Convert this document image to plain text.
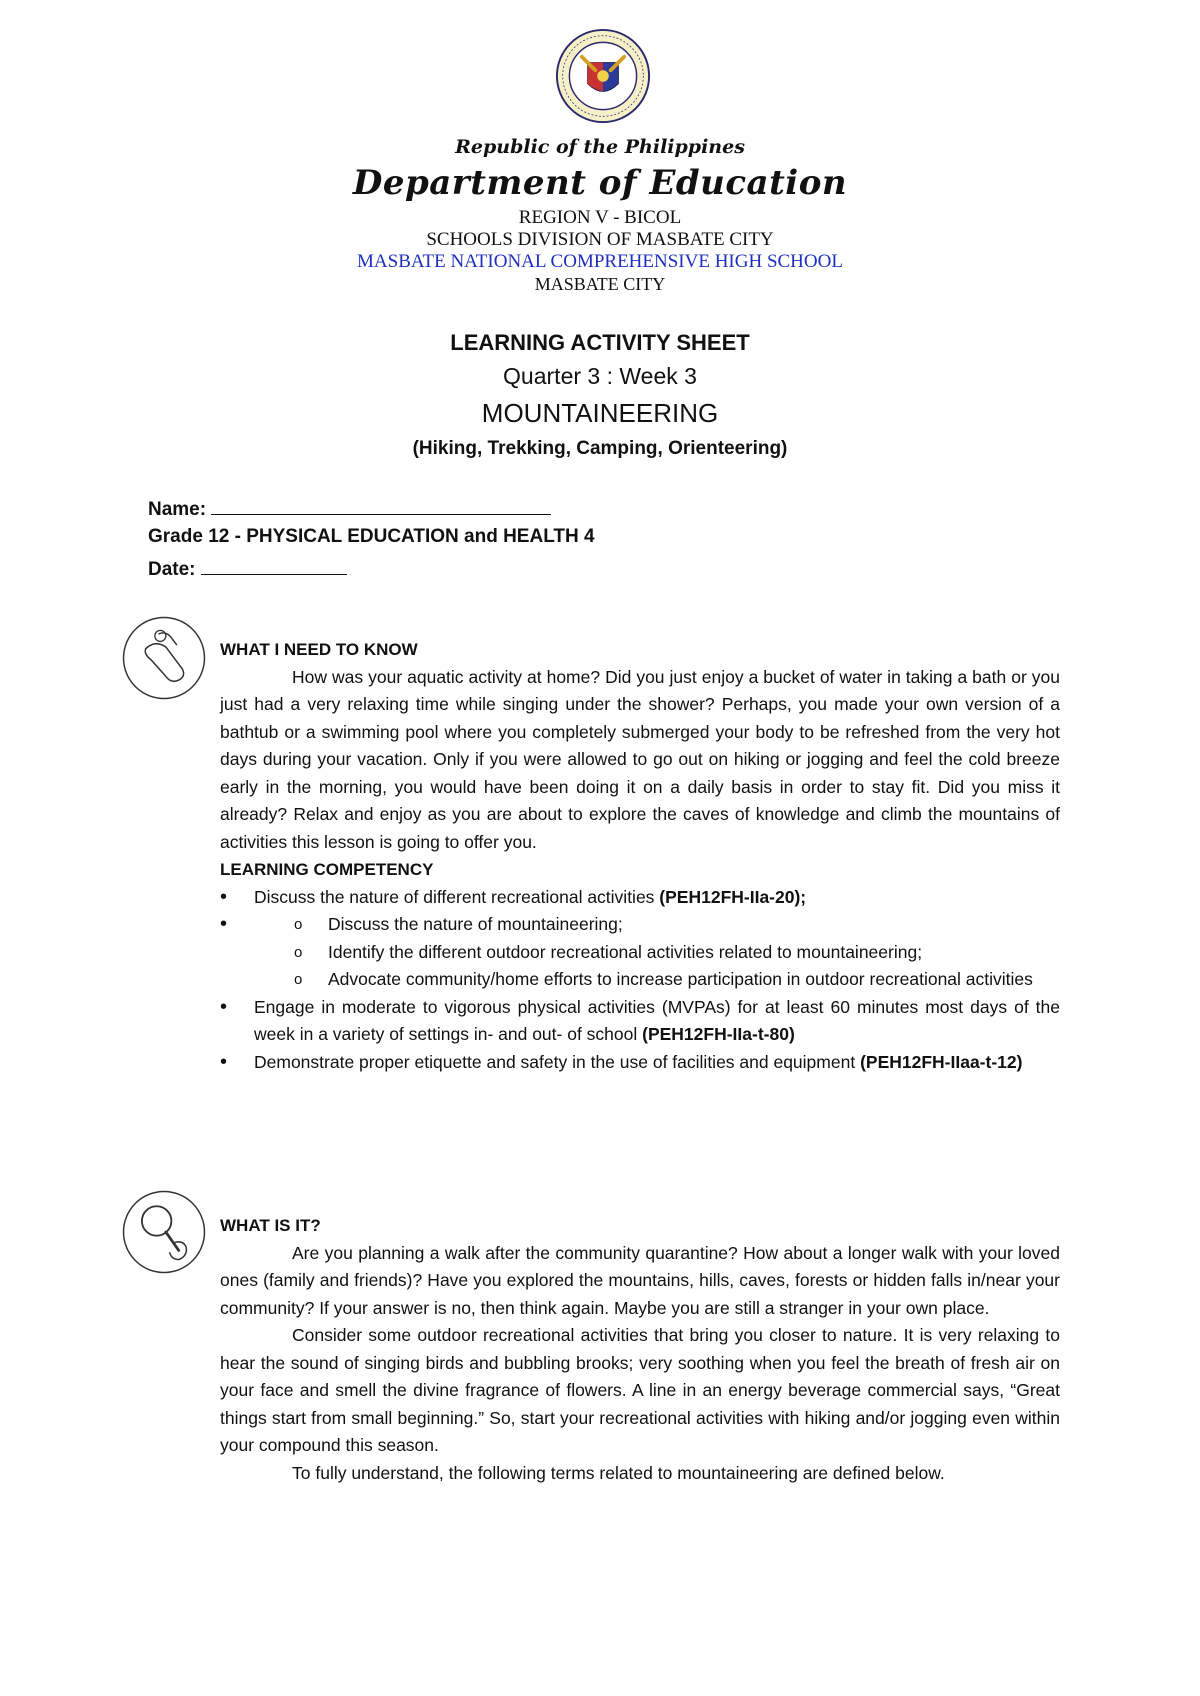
Republic of the Philippines

Department of Education

REGION V - BICOL

SCHOOLS DIVISION OF MASBATE CITY

MASBATE NATIONAL COMPREHENSIVE HIGH SCHOOL

MASBATE CITY

LEARNING ACTIVITY SHEET

Quarter 3 : Week 3

MOUNTAINEERING

(Hiking, Trekking, Camping, Orienteering)

Name:

Grade 12 - PHYSICAL EDUCATION and HEALTH 4

Date:

WHAT I NEED TO KNOW

How was your aquatic activity at home? Did you just enjoy a bucket of water in taking a bath or you just had a very relaxing time while singing under the shower? Perhaps, you made your own version of a bathtub or a swimming pool where you completely submerged your body to be refreshed from the very hot days during your vacation. Only if you were allowed to go out on hiking or jogging and feel the cold breeze early in the morning, you would have been doing it on a daily basis in order to stay fit. Did you miss it already? Relax and enjoy as you are about to explore the caves of knowledge and climb the mountains of activities this lesson is going to offer you.

LEARNING COMPETENCY

• Discuss the nature of different recreational activities (PEH12FH-IIa-20);
o • Discuss the nature of mountaineering;
o Identify the different outdoor recreational activities related to mountaineering;
o Advocate community/home efforts to increase participation in outdoor recreational activities
• Engage in moderate to vigorous physical activities (MVPAs) for at least 60 minutes most days of the week in a variety of settings in- and out- of school (PEH12FH-IIa-t-80)
• Demonstrate proper etiquette and safety in the use of facilities and equipment (PEH12FH-IIaa-t-12)

WHAT IS IT?

Are you planning a walk after the community quarantine? How about a longer walk with your loved ones (family and friends)? Have you explored the mountains, hills, caves, forests or hidden falls in/near your community? If your answer is no, then think again. Maybe you are still a stranger in your own place.

Consider some outdoor recreational activities that bring you closer to nature. It is very relaxing to hear the sound of singing birds and bubbling brooks; very soothing when you feel the breath of fresh air on your face and smell the divine fragrance of flowers. A line in an energy beverage commercial says, “Great things start from small beginning.” So, start your recreational activities with hiking and/or jogging even within your compound this season.

To fully understand, the following terms related to mountaineering are defined below.
